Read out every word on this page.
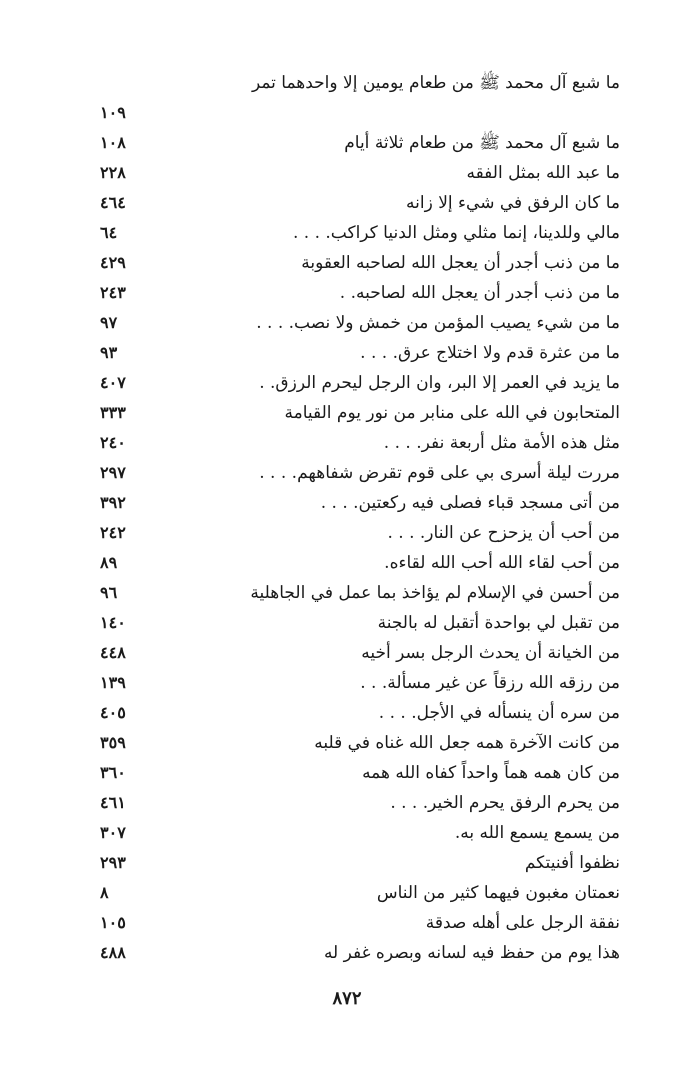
ما شبع آل محمد ﷺ من طعام يومين إلا واحدهما تمر
١٠٩
ما شبع آل محمد ﷺ من طعام ثلاثة أيام
١٠٨
ما عبد الله بمثل الفقه
٢٢٨
ما كان الرفق في شيء إلا زانه
٤٦٤
مالي وللدينا، إنما مثلي ومثل الدنيا كراكب. . . .
٦٤
ما من ذنب أجدر أن يعجل الله لصاحبه العقوبة
٤٢٩
ما من ذنب أجدر أن يعجل الله لصاحبه. .
٢٤٣
ما من شيء يصيب المؤمن من خمش ولا نصب. . . .
٩٧
ما من عثرة قدم ولا اختلاج عرق. . . .
٩٣
ما يزيد في العمر إلا البر، وان الرجل ليحرم الرزق. .
٤٠٧
المتحابون في الله على منابر من نور يوم القيامة
٣٣٣
مثل هذه الأمة مثل أربعة نفر. . . .
٢٤٠
مررت ليلة أسرى بي على قوم تقرض شفاههم. . . .
٢٩٧
من أتى مسجد قباء فصلى فيه ركعتين. . . .
٣٩٢
من أحب أن يزحزح عن النار. . . .
٢٤٢
من أحب لقاء الله أحب الله لقاءه.
٨٩
من أحسن في الإسلام لم يؤاخذ بما عمل في الجاهلية
٩٦
من تقبل لي بواحدة أتقبل له بالجنة
١٤٠
من الخيانة أن يحدث الرجل بسر أخيه
٤٤٨
من رزقه الله رزقاً عن غير مسألة. . .
١٣٩
من سره أن ينسأله في الأجل. . . .
٤٠٥
من كانت الآخرة همه جعل الله غناه في قلبه
٣٥٩
من كان همه هماً واحداً كفاه الله همه
٣٦٠
من يحرم الرفق يحرم الخير. . . .
٤٦١
من يسمع يسمع الله به.
٣٠٧
نظفوا أفنيتكم
٢٩٣
نعمتان مغبون فيهما كثير من الناس
٨
نفقة الرجل على أهله صدقة
١٠٥
هذا يوم من حفظ فيه لسانه وبصره غفر له
٤٨٨
٨٧٢
